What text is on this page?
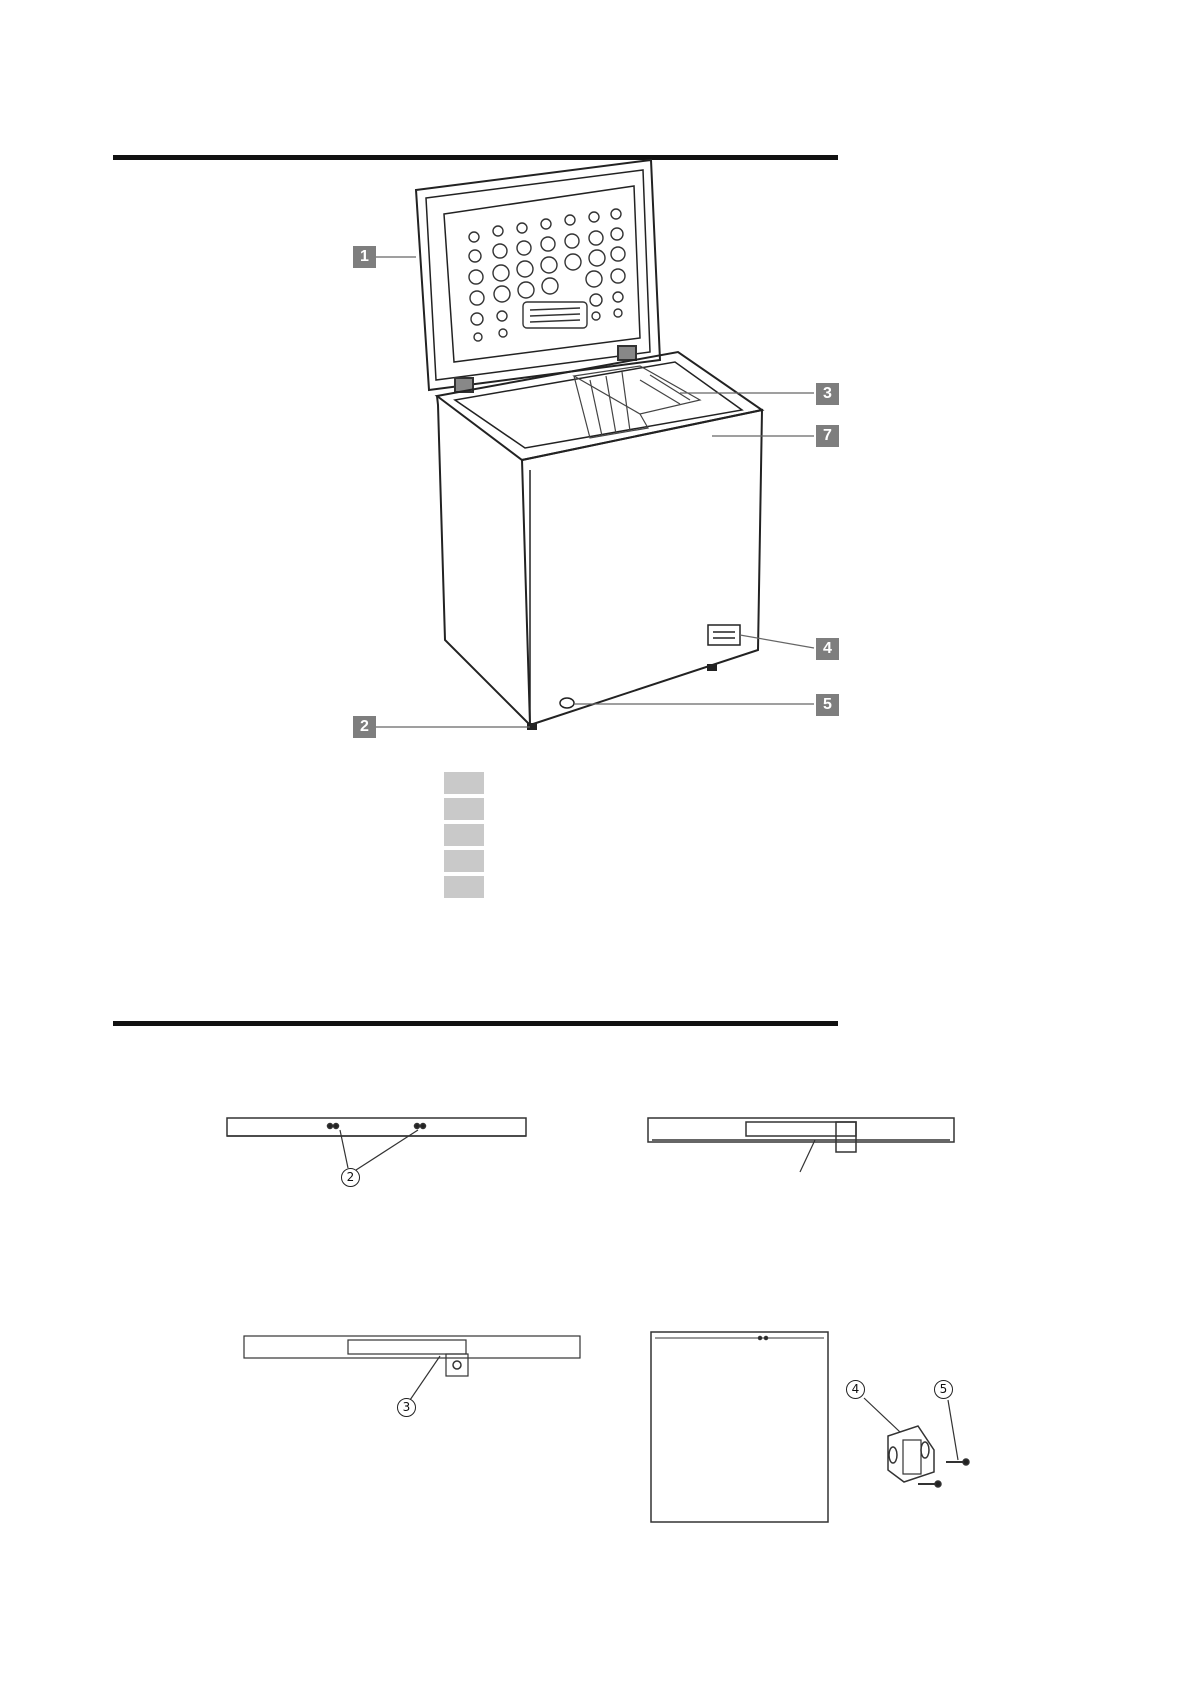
1
3
7
4
5
2
2
3
4	5
